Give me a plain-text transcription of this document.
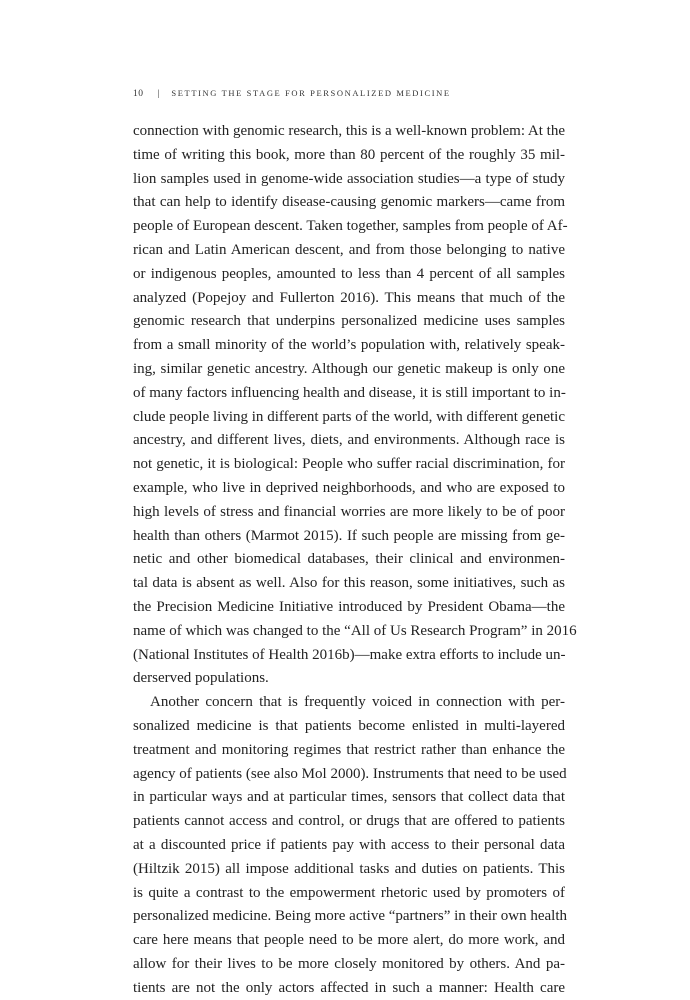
10 | SETTING THE STAGE FOR PERSONALIZED MEDICINE
connection with genomic research, this is a well-known problem: At the
time of writing this book, more than 80 percent of the roughly 35 mil-
lion samples used in genome-wide association studies—a type of study
that can help to identify disease-causing genomic markers—came from
people of European descent. Taken together, samples from people of Af-
rican and Latin American descent, and from those belonging to native
or indigenous peoples, amounted to less than 4 percent of all samples
analyzed (Popejoy and Fullerton 2016). This means that much of the
genomic research that underpins personalized medicine uses samples
from a small minority of the world’s population with, relatively speak-
ing, similar genetic ancestry. Although our genetic makeup is only one
of many factors influencing health and disease, it is still important to in-
clude people living in different parts of the world, with different genetic
ancestry, and different lives, diets, and environments. Although race is
not genetic, it is biological: People who suffer racial discrimination, for
example, who live in deprived neighborhoods, and who are exposed to
high levels of stress and financial worries are more likely to be of poor
health than others (Marmot 2015). If such people are missing from ge-
netic and other biomedical databases, their clinical and environmen-
tal data is absent as well. Also for this reason, some initiatives, such as
the Precision Medicine Initiative introduced by President Obama—the
name of which was changed to the “All of Us Research Program” in 2016
(National Institutes of Health 2016b)—make extra efforts to include un-
derserved populations.
Another concern that is frequently voiced in connection with per-
sonalized medicine is that patients become enlisted in multi-layered
treatment and monitoring regimes that restrict rather than enhance the
agency of patients (see also Mol 2000). Instruments that need to be used
in particular ways and at particular times, sensors that collect data that
patients cannot access and control, or drugs that are offered to patients
at a discounted price if patients pay with access to their personal data
(Hiltzik 2015) all impose additional tasks and duties on patients. This
is quite a contrast to the empowerment rhetoric used by promoters of
personalized medicine. Being more active “partners” in their own health
care here means that people need to be more alert, do more work, and
allow for their lives to be more closely monitored by others. And pa-
tients are not the only actors affected in such a manner: Health care
